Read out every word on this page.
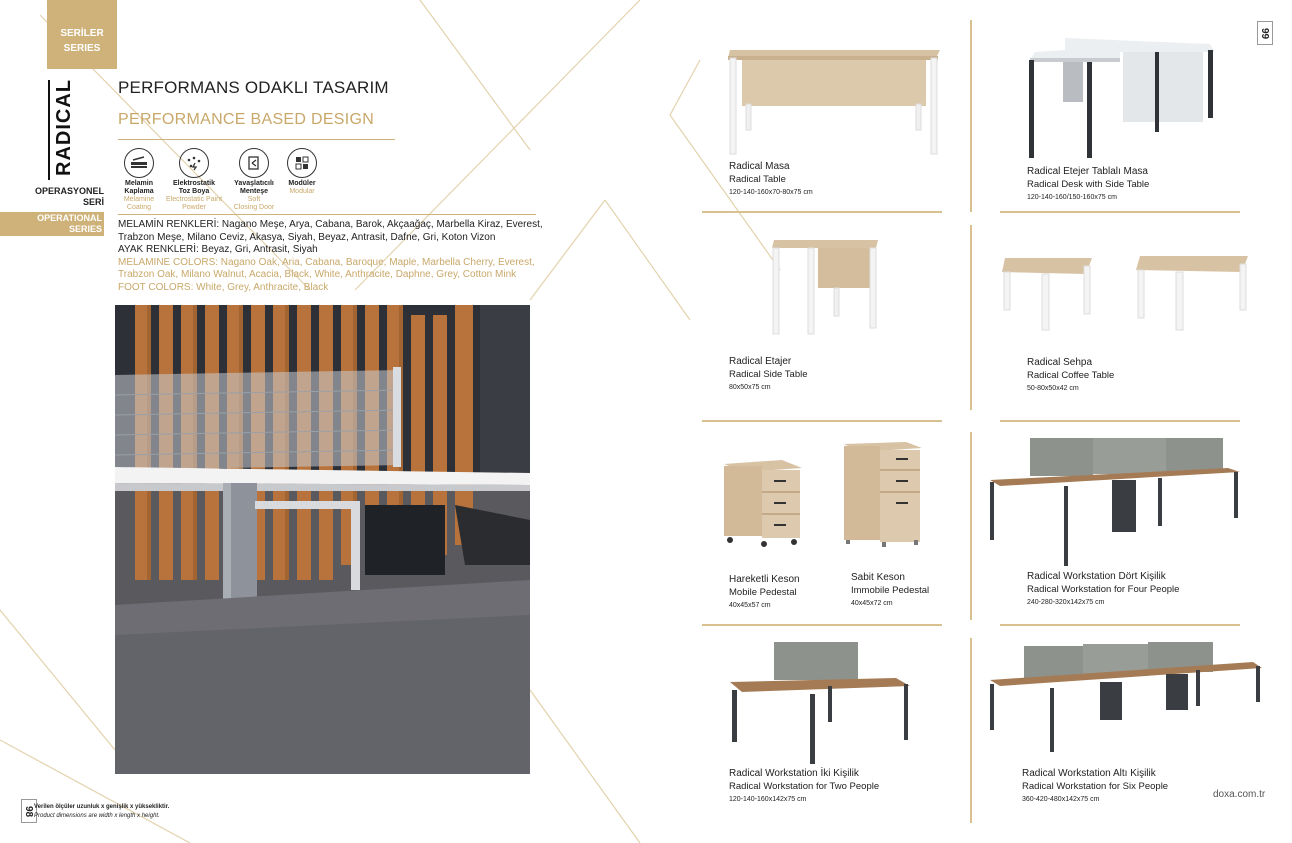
SERİLER
SERIES
RADICAL
OPERASYONEL
SERİ
OPERATIONAL
SERIES
PERFORMANS ODAKLI TASARIM
PERFORMANCE BASED DESIGN
Melamin
Kaplama
Melamine
Coating
Elektrostatik
Toz Boya
Electrostatic Paint
Powder
Yavaşlatıcılı
Menteşe
Soft
Closing Door
Modüler
Modular
MELAMİN RENKLERİ: Nagano Meşe, Arya, Cabana, Barok, Akçaağaç, Marbella Kiraz, Everest, Trabzon Meşe, Milano Ceviz, Akasya, Siyah, Beyaz, Antrasit, Dafne, Gri, Koton Vizon
AYAK RENKLERİ: Beyaz, Gri, Antrasit, Siyah
MELAMINE COLORS: Nagano Oak, Aria, Cabana, Baroque, Maple, Marbella Cherry, Everest, Trabzon Oak, Milano Walnut, Acacia, Black, White, Anthracite, Daphne, Grey, Cotton Mink
FOOT COLORS: White, Grey, Anthracite, Black
98 Verilen ölçüler uzunluk x genişlik x yüksekliktir.
Product dimensions are width x length x height.
99
Radical Masa
Radical Table
120-140-160x70-80x75 cm
Radical Etejer Tablalı Masa
Radical Desk with Side Table
120-140-160/150-160x75 cm
Radical Etajer
Radical Side Table
80x50x75 cm
Radical Sehpa
Radical Coffee Table
50-80x50x42 cm
Hareketli Keson
Mobile Pedestal
40x45x57 cm
Sabit Keson
Immobile Pedestal
40x45x72 cm
Radical Workstation Dört Kişilik
Radical Workstation for Four People
240-280-320x142x75 cm
Radical Workstation İki Kişilik
Radical Workstation for Two People
120-140-160x142x75 cm
Radical Workstation Altı Kişilik
Radical Workstation for Six People
360-420-480x142x75 cm	doxa.com.tr
